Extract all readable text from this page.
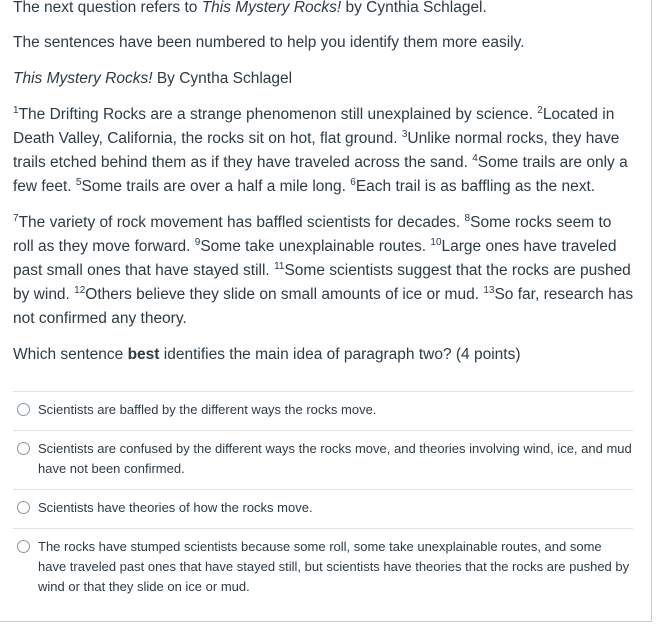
The next question refers to This Mystery Rocks! by Cynthia Schlagel.

The sentences have been numbered to help you identify them more easily.

This Mystery Rocks! By Cyntha Schlagel

$^1$The Drifting Rocks are a strange phenomenon still unexplained by science. $^2$Located in Death Valley, California, the rocks sit on hot, flat ground. $^3$Unlike normal rocks, they have trails etched behind them as if they have traveled across the sand. $^4$Some trails are only a few feet. $^5$Some trails are over a half a mile long. $^6$Each trail is as baffling as the next.

$^7$The variety of rock movement has baffled scientists for decades. $^8$Some rocks seem to roll as they move forward. $^9$Some take unexplainable routes. $^{10}$Large ones have traveled past small ones that have stayed still. $^{11}$Some scientists suggest that the rocks are pushed by wind. $^{12}$Others believe they slide on small amounts of ice or mud. $^{13}$So far, research has not confirmed any theory.

Which sentence best identifies the main idea of paragraph two? (4 points)

Scientists are baffled by the different ways the rocks move.
Scientists are confused by the different ways the rocks move, and theories involving wind, ice, and mud have not been confirmed.
Scientists have theories of how the rocks move.
The rocks have stumped scientists because some roll, some take unexplainable routes, and some have traveled past ones that have stayed still, but scientists have theories that the rocks are pushed by wind or that they slide on ice or mud.
